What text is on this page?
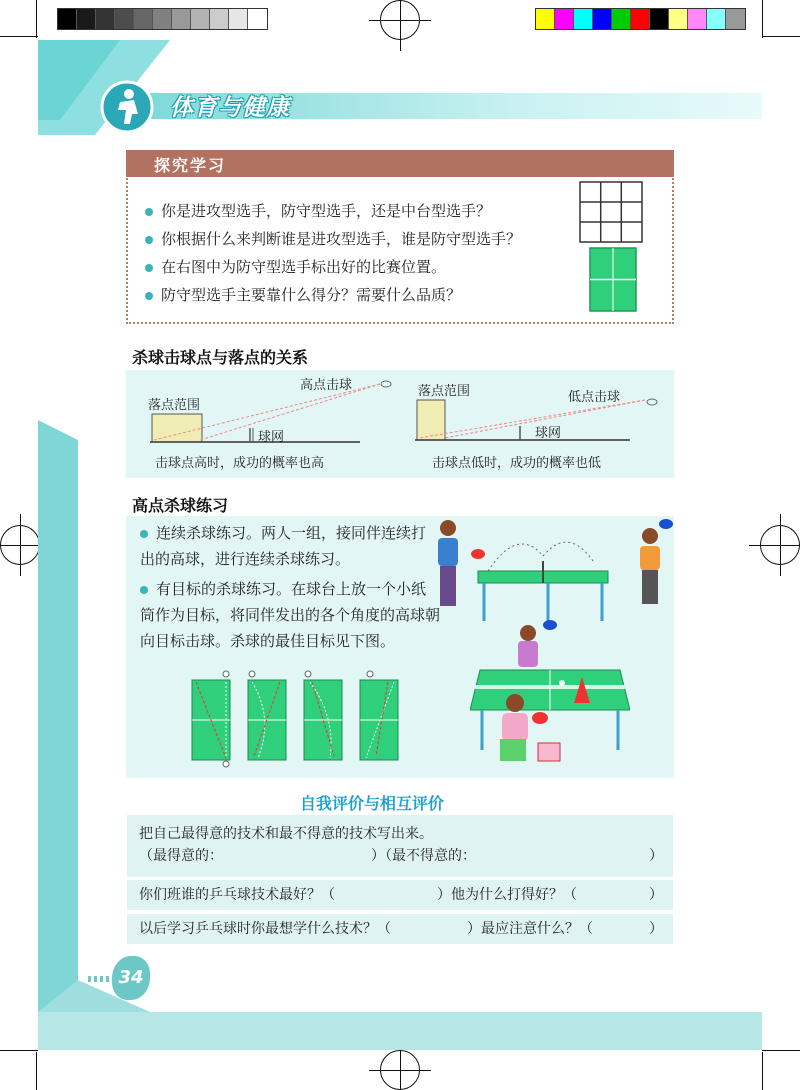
体育与健康
探究学习
你是进攻型选手，防守型选手，还是中台型选手？
你根据什么来判断谁是进攻型选手，谁是防守型选手？
在右图中为防守型选手标出好的比赛位置。
防守型选手主要靠什么得分？需要什么品质？
杀球击球点与落点的关系
落点范围
高点击球
球网
击球点高时，成功的概率也高
落点范围	低点击球
球网
击球点低时，成功的概率也低
高点杀球练习
连续杀球练习。两人一组，接同伴连续打出的高球，进行连续杀球练习。
有目标的杀球练习。在球台上放一个小纸筒作为目标，将同伴发出的各个角度的高球朝向目标击球。杀球的最佳目标见下图。
自我评价与相互评价
把自己最得意的技术和最不得意的技术写出来。
（最得意的：	）（最不得意的：	）
你们班谁的乒乓球技术最好？（	）他为什么打得好？（	）
以后学习乒乓球时你最想学什么技术？（	）最应注意什么？（	）
34
